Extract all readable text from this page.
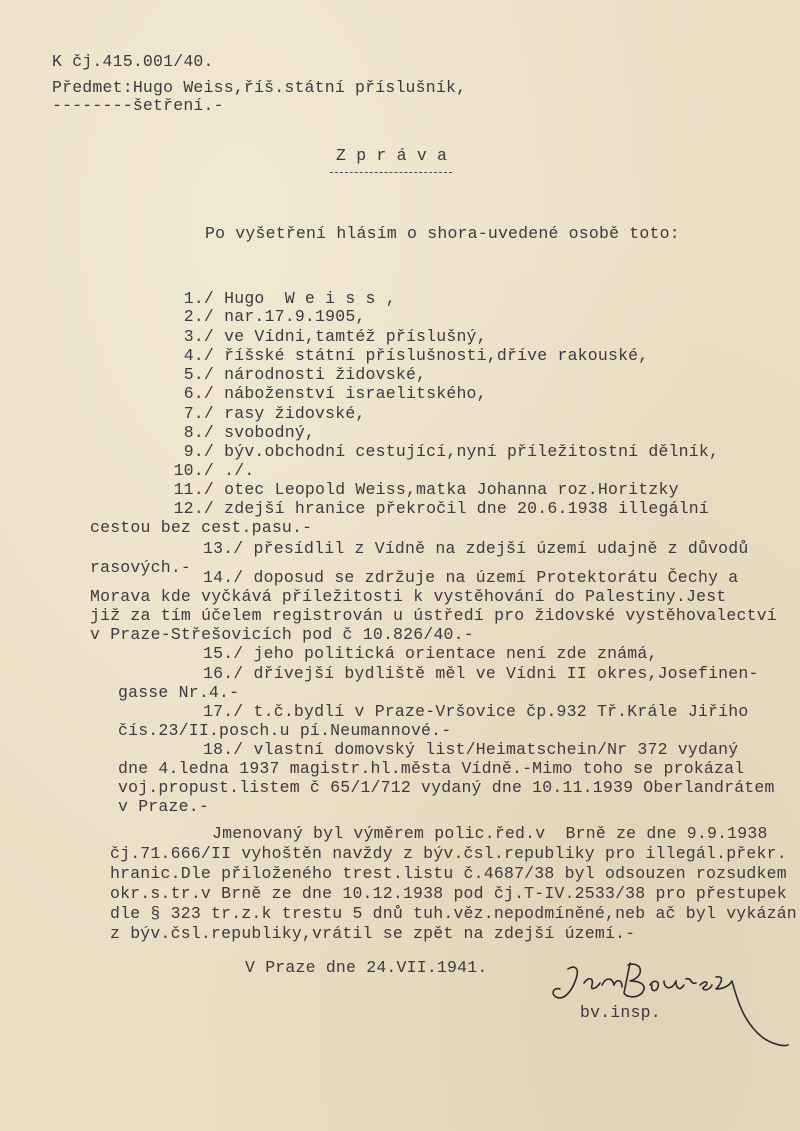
K čj.415.001/40.
Předmet:Hugo Weiss,říš.státní příslušník,
--------šetření.-
Z p r á v a
Po vyšetření hlásím o shora-uvedené osobě toto:
1./ Hugo  W e i s s ,
2./ nar.17.9.1905,
3./ ve Vídni,tamtéž příslušný,
4./ říšské státní příslušnosti,dříve rakouské,
5./ národnosti židovské,
6./ náboženství israelitského,
7./ rasy židovské,
8./ svobodný,
9./ býv.obchodní cestující,nyní příležitostní dělník,
10./ ./.
11./ otec Leopold Weiss,matka Johanna roz.Horitzky
12./ zdejší hranice překročil dne 20.6.1938 illegální
cestou bez cest.pasu.-
13./ přesídlil z Vídně na zdejší území udajně z důvodů
rasových.-
14./ doposud se zdržuje na území Protektorátu Čechy a
Morava kde vyčkává příležitosti k vystěhování do Palestiny.Jest
již za tím účelem registrován u ústředí pro židovské vystěhovalectví
v Praze-Střešovicích pod č 10.826/40.-
15./ jeho politická orientace není zde známá,
16./ dřívejší bydliště měl ve Vídni II okres,Josefinen-
gasse Nr.4.-
17./ t.č.bydlí v Praze-Vršovice čp.932 Tř.Krále Jiřího
čís.23/II.posch.u pí.Neumannové.-
18./ vlastní domovský list/Heimatschein/Nr 372 vydaný
dne 4.ledna 1937 magistr.hl.města Vídně.-Mimo toho se prokázal
voj.propust.listem č 65/1/712 vydaný dne 10.11.1939 Oberlandrátem
v Praze.-
Jmenovaný byl výměrem polic.řed.v  Brně ze dne 9.9.1938
čj.71.666/II vyhoštěn navždy z býv.čsl.republiky pro illegál.překr.
hranic.Dle přiloženého trest.listu č.4687/38 byl odsouzen rozsudkem
okr.s.tr.v Brně ze dne 10.12.1938 pod čj.T-IV.2533/38 pro přestupek
dle § 323 tr.z.k trestu 5 dnů tuh.věz.nepodmíněné,neb ač byl vykázán
z býv.čsl.republiky,vrátil se zpět na zdejší území.-
V Praze dne 24.VII.1941.
bv.insp.
